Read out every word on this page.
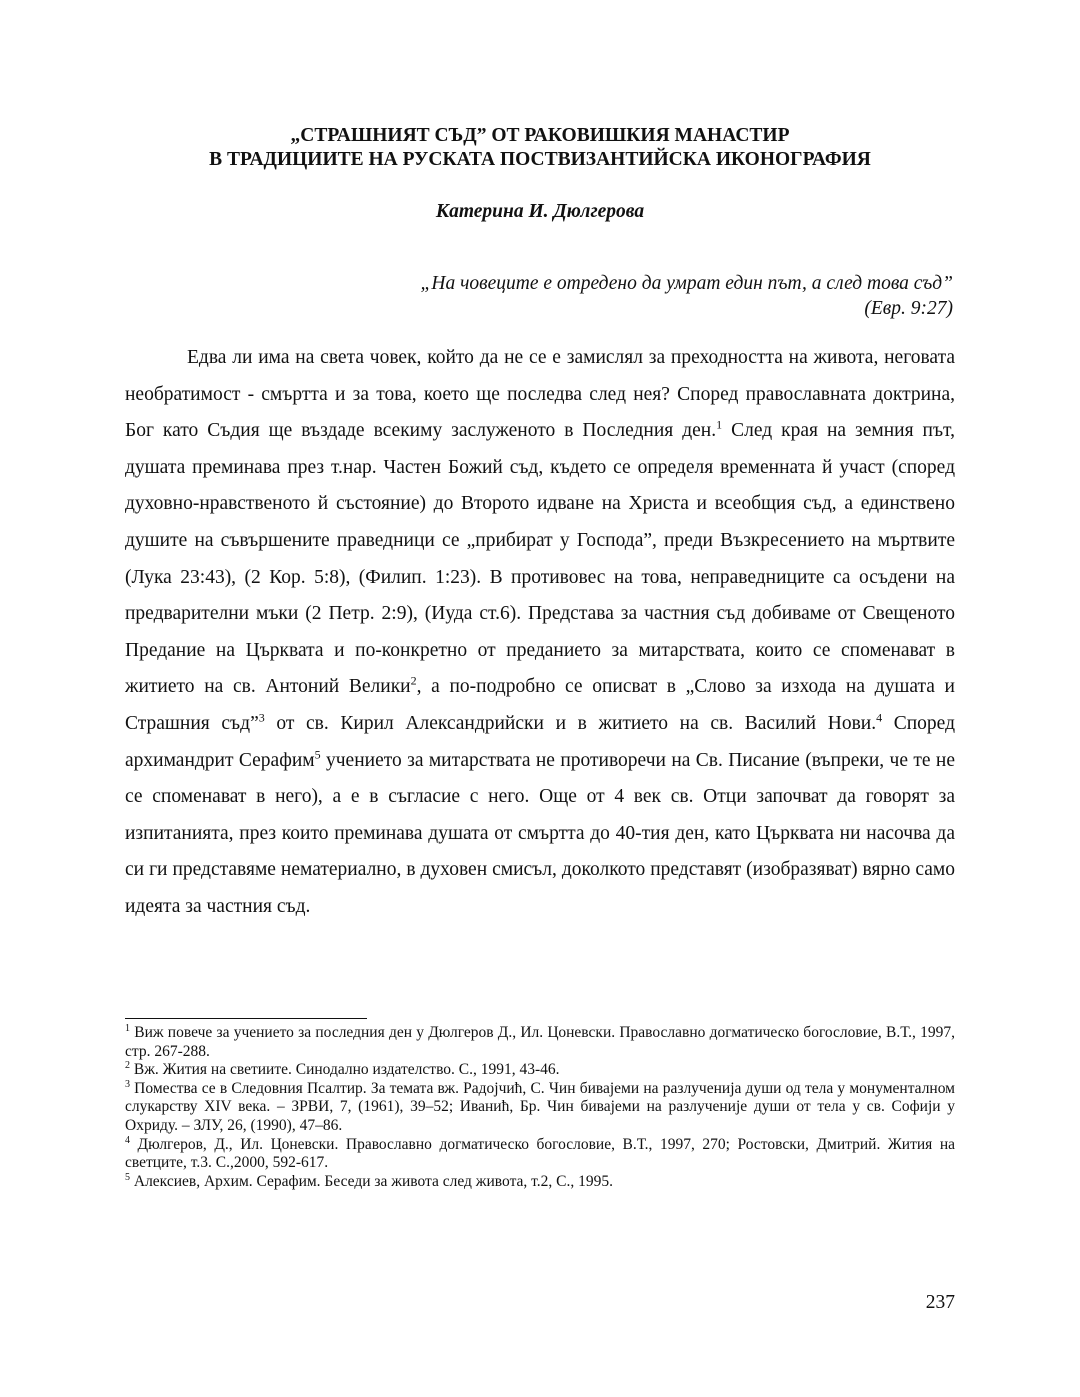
„СТРАШНИЯТ СЪД” ОТ РАКОВИШКИЯ МАНАСТИР
В ТРАДИЦИИТЕ НА РУСКАТА ПОСТВИЗАНТИЙСКА ИКОНОГРАФИЯ
Катерина И. Дюлгерова
„На човеците е отредено да умрат един път, а след това съд”
(Евр. 9:27)

Едва ли има на света човек, който да не се е замислял за преходността на живота, неговата необратимост - смъртта и за това, което ще последва след нея? Според православната доктрина, Бог като Съдия ще въздаде всекиму заслуженото в Последния ден.$^1$ След края на земния път, душата преминава през т.нар. Частен Божий съд, където се определя временната й участ (според духовно-нравственото й състояние) до Второто идване на Христа и всеобщия съд, а единствено душите на съвършените праведници се „прибират у Господа”, преди Възкресението на мъртвите (Лука 23:43), (2 Кор. 5:8), (Филип. 1:23). В противовес на това, неправедниците са осъдени на предварителни мъки (2 Петр. 2:9), (Иуда ст.6). Представа за частния съд добиваме от Свещеното Предание на Църквата и по-конкретно от преданието за митарствата, които се споменават в житието на св. Антоний Велики$^2$, а по-подробно се описват в „Слово за изхода на душата и Страшния съд”$^3$ от св. Кирил Александрийски и в житието на св. Василий Нови.$^4$ Според архимандрит Серафим$^5$ учението за митарствата не противоречи на Св. Писание (въпреки, че те не се споменават в него), а е в съгласие с него. Още от 4 век св. Отци започват да говорят за изпитанията, през които преминава душата от смъртта до 40-тия ден, като Църквата ни насочва да си ги представяме нематериално, в духовен смисъл, доколкото представят (изобразяват) вярно само идеята за частния съд.

$^1$ Виж повече за учението за последния ден у Дюлгеров Д., Ил. Цоневски. Православно догматическо богословие, В.Т., 1997, стр. 267-288.

$^2$ Вж. Жития на светиите. Синодално издателство. С., 1991, 43-46.

$^3$ Помества се в Следовния Псалтир. За темата вж. Радојчић, С. Чин бивајеми на разлученија души од тела у монументалном слукарству XIV века. – ЗРВИ, 7, (1961), 39–52; Иванић, Бр. Чин бивајеми на разлученије души от тела у св. Софији у Охриду. – ЗЛУ, 26, (1990), 47–86.

$^4$ Дюлгеров, Д., Ил. Цоневски. Православно догматическо богословие, В.Т., 1997, 270; Ростовски, Дмитрий. Жития на светците, т.3. С.,2000, 592-617.

$^5$ Алексиев, Архим. Серафим. Беседи за живота след живота, т.2, С., 1995.

237
